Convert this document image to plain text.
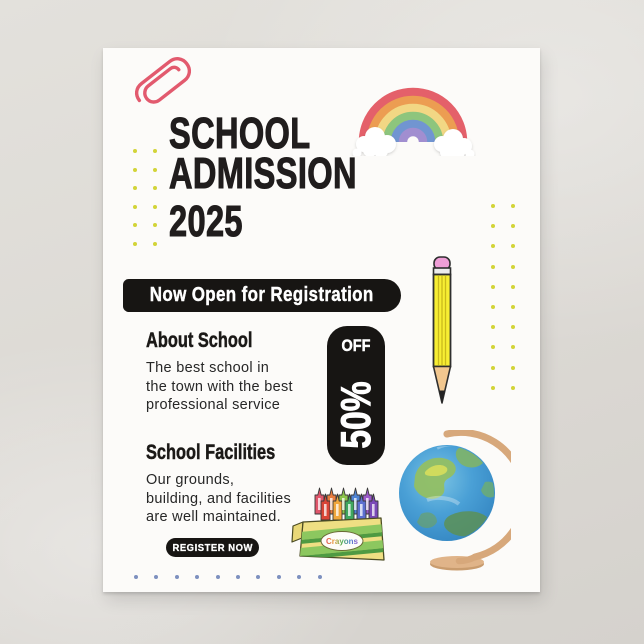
SCHOOL
ADMISSION
2025
Now Open for Registration
About School

The best school in
the town with the best
professional service

School Facilities

Our grounds,
building, and facilities
are well maintained.

OFF
50%
Crayons
REGISTER NOW
